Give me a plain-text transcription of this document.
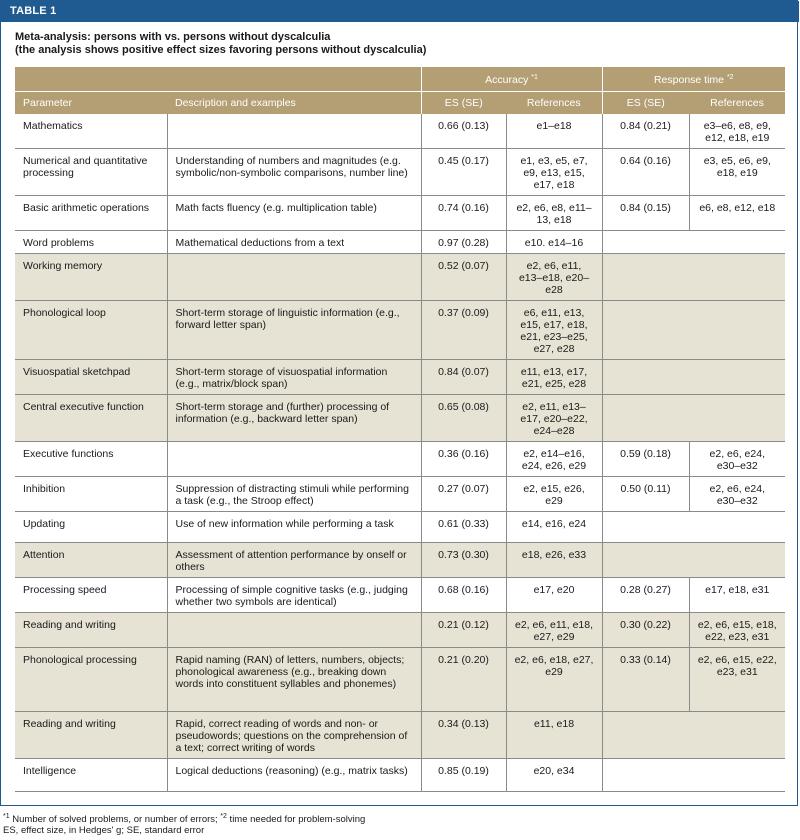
TABLE 1
Meta-analysis: persons with vs. persons without dyscalculia
(the analysis shows positive effect sizes favoring persons without dyscalculia)
		Accuracy $^{*1}$		Response time $^{*2}$
Parameter	Description and examples	ES (SE)	References	ES (SE)	References
Mathematics		0.66 (0.13)	e1–e18	0.84 (0.21)	e3–e6, e8, e9, e12, e18, e19
Numerical and quantitative processing	Understanding of numbers and magnitudes (e.g. symbolic/non-symbolic comparisons, number line)	0.45 (0.17)	e1, e3, e5, e7, e9, e13, e15, e17, e18	0.64 (0.16)	e3, e5, e6, e9, e18, e19
Basic arithmetic operations	Math facts fluency (e.g. multiplication table)	0.74 (0.16)	e2, e6, e8, e11–13, e18	0.84 (0.15)	e6, e8, e12, e18
Word problems	Mathematical deductions from a text	0.97 (0.28)	e10. e14–16		
Working memory		0.52 (0.07)	e2, e6, e11, e13–e18, e20–e28		
Phonological loop	Short-term storage of linguistic information (e.g., forward letter span)	0.37 (0.09)	e6, e11, e13, e15, e17, e18, e21, e23–e25, e27, e28		
Visuospatial sketchpad	Short-term storage of visuospatial information (e.g., matrix/block span)	0.84 (0.07)	e11, e13, e17, e21, e25, e28		
Central executive function	Short-term storage and (further) processing of information (e.g., backward letter span)	0.65 (0.08)	e2, e11, e13–e17, e20–e22, e24–e28		
Executive functions		0.36 (0.16)	e2, e14–e16, e24, e26, e29	0.59 (0.18)	e2, e6, e24, e30–e32
Inhibition	Suppression of distracting stimuli while performing a task (e.g., the Stroop effect)	0.27 (0.07)	e2, e15, e26, e29	0.50 (0.11)	e2, e6, e24, e30–e32
Updating	Use of new information while performing a task	0.61 (0.33)	e14, e16, e24		
Attention	Assessment of attention performance by onself or others	0.73 (0.30)	e18, e26, e33		
Processing speed	Processing of simple cognitive tasks (e.g., judging whether two symbols are identical)	0.68 (0.16)	e17, e20	0.28 (0.27)	e17, e18, e31
Reading and writing		0.21 (0.12)	e2, e6, e11, e18, e27, e29	0.30 (0.22)	e2, e6, e15, e18, e22, e23, e31
Phonological processing	Rapid naming (RAN) of letters, numbers, objects; phonological awareness (e.g., breaking down words into constituent syllables and phonemes)	0.21 (0.20)	e2, e6, e18, e27, e29	0.33 (0.14)	e2, e6, e15, e22, e23, e31
Reading and writing	Rapid, correct reading of words and non- or pseudowords; questions on the comprehension of a text; correct writing of words	0.34 (0.13)	e11, e18		
Intelligence	Logical deductions (reasoning) (e.g., matrix tasks)	0.85 (0.19)	e20, e34		
$^{*1}$ Number of solved problems, or number of errors; $^{*2}$ time needed for problem-solving
ES, effect size, in Hedges' g; SE, standard error
